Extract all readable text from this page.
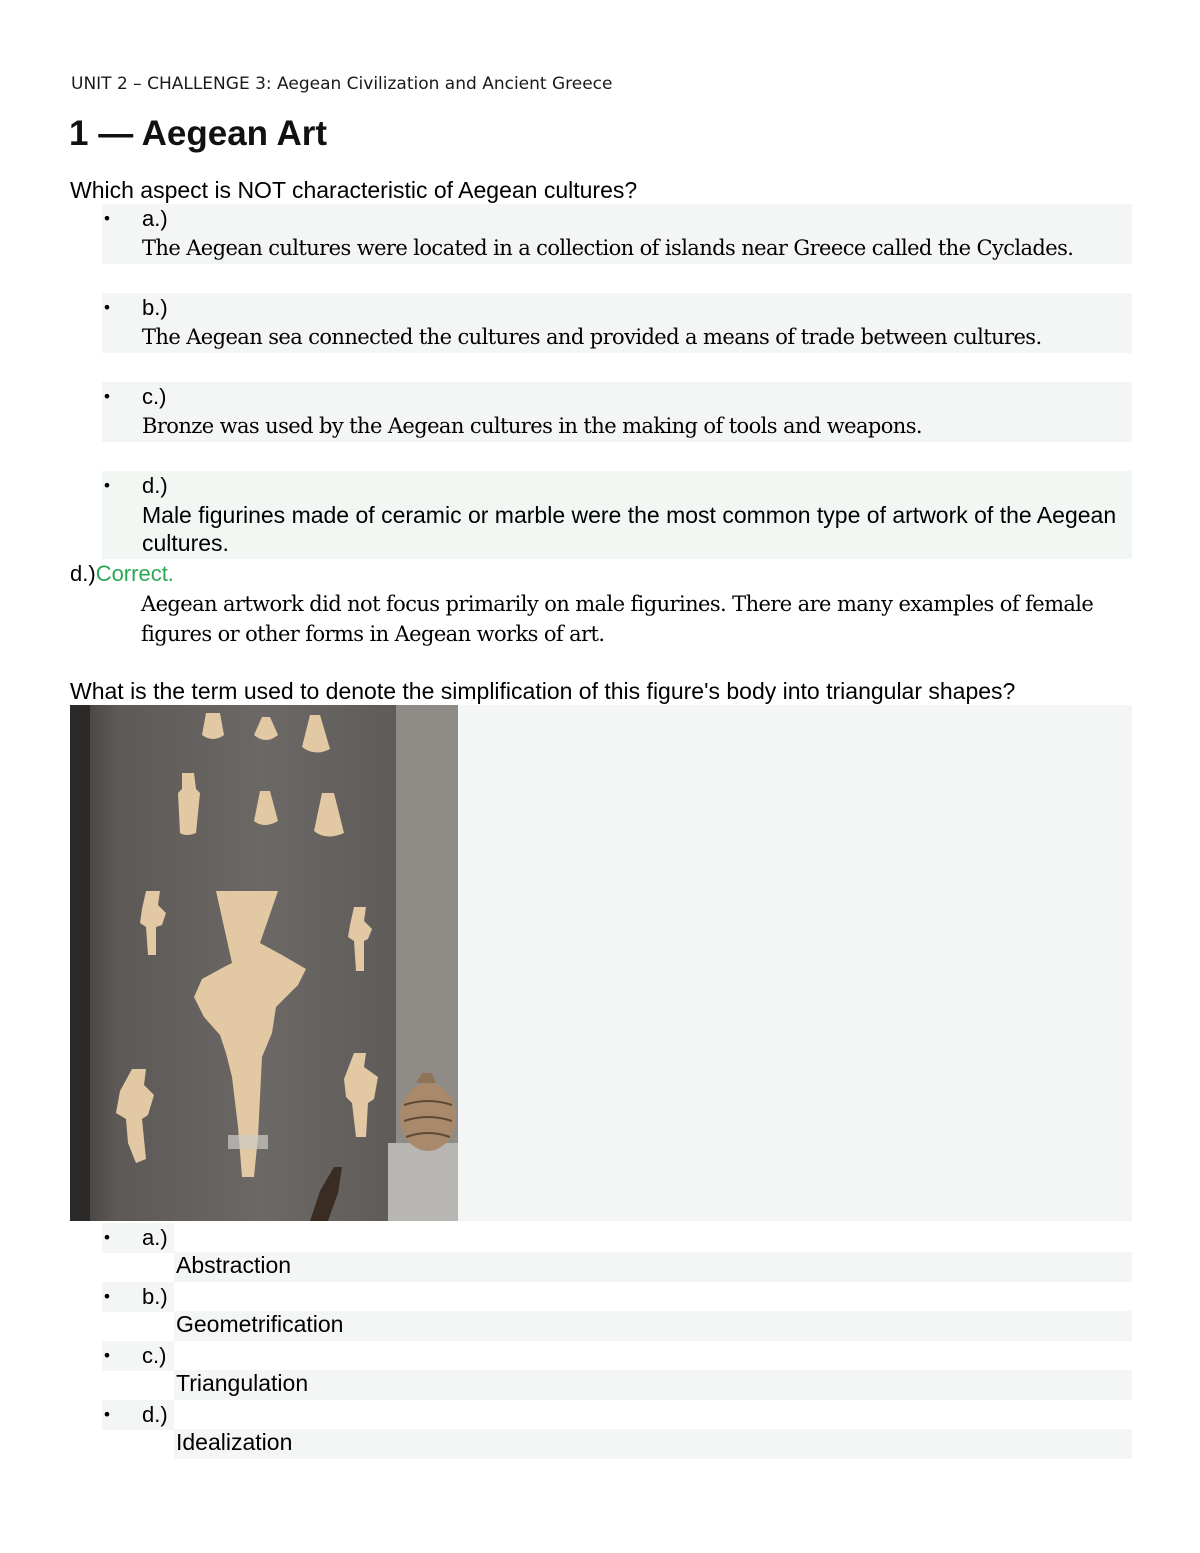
UNIT 2 – CHALLENGE 3: Aegean Civilization and Ancient Greece
1 — Aegean Art
Which aspect is NOT characteristic of Aegean cultures?
• a.)
The Aegean cultures were located in a collection of islands near Greece called the Cyclades.
• b.)
The Aegean sea connected the cultures and provided a means of trade between cultures.
• c.)
Bronze was used by the Aegean cultures in the making of tools and weapons.
• d.)
Male figurines made of ceramic or marble were the most common type of artwork of the Aegean cultures.
d.)Correct.
Aegean artwork did not focus primarily on male figurines. There are many examples of female figures or other forms in Aegean works of art.
What is the term used to denote the simplification of this figure's body into triangular shapes?
• a.)
Abstraction
• b.)
Geometrification
• c.)
Triangulation
• d.)
Idealization
